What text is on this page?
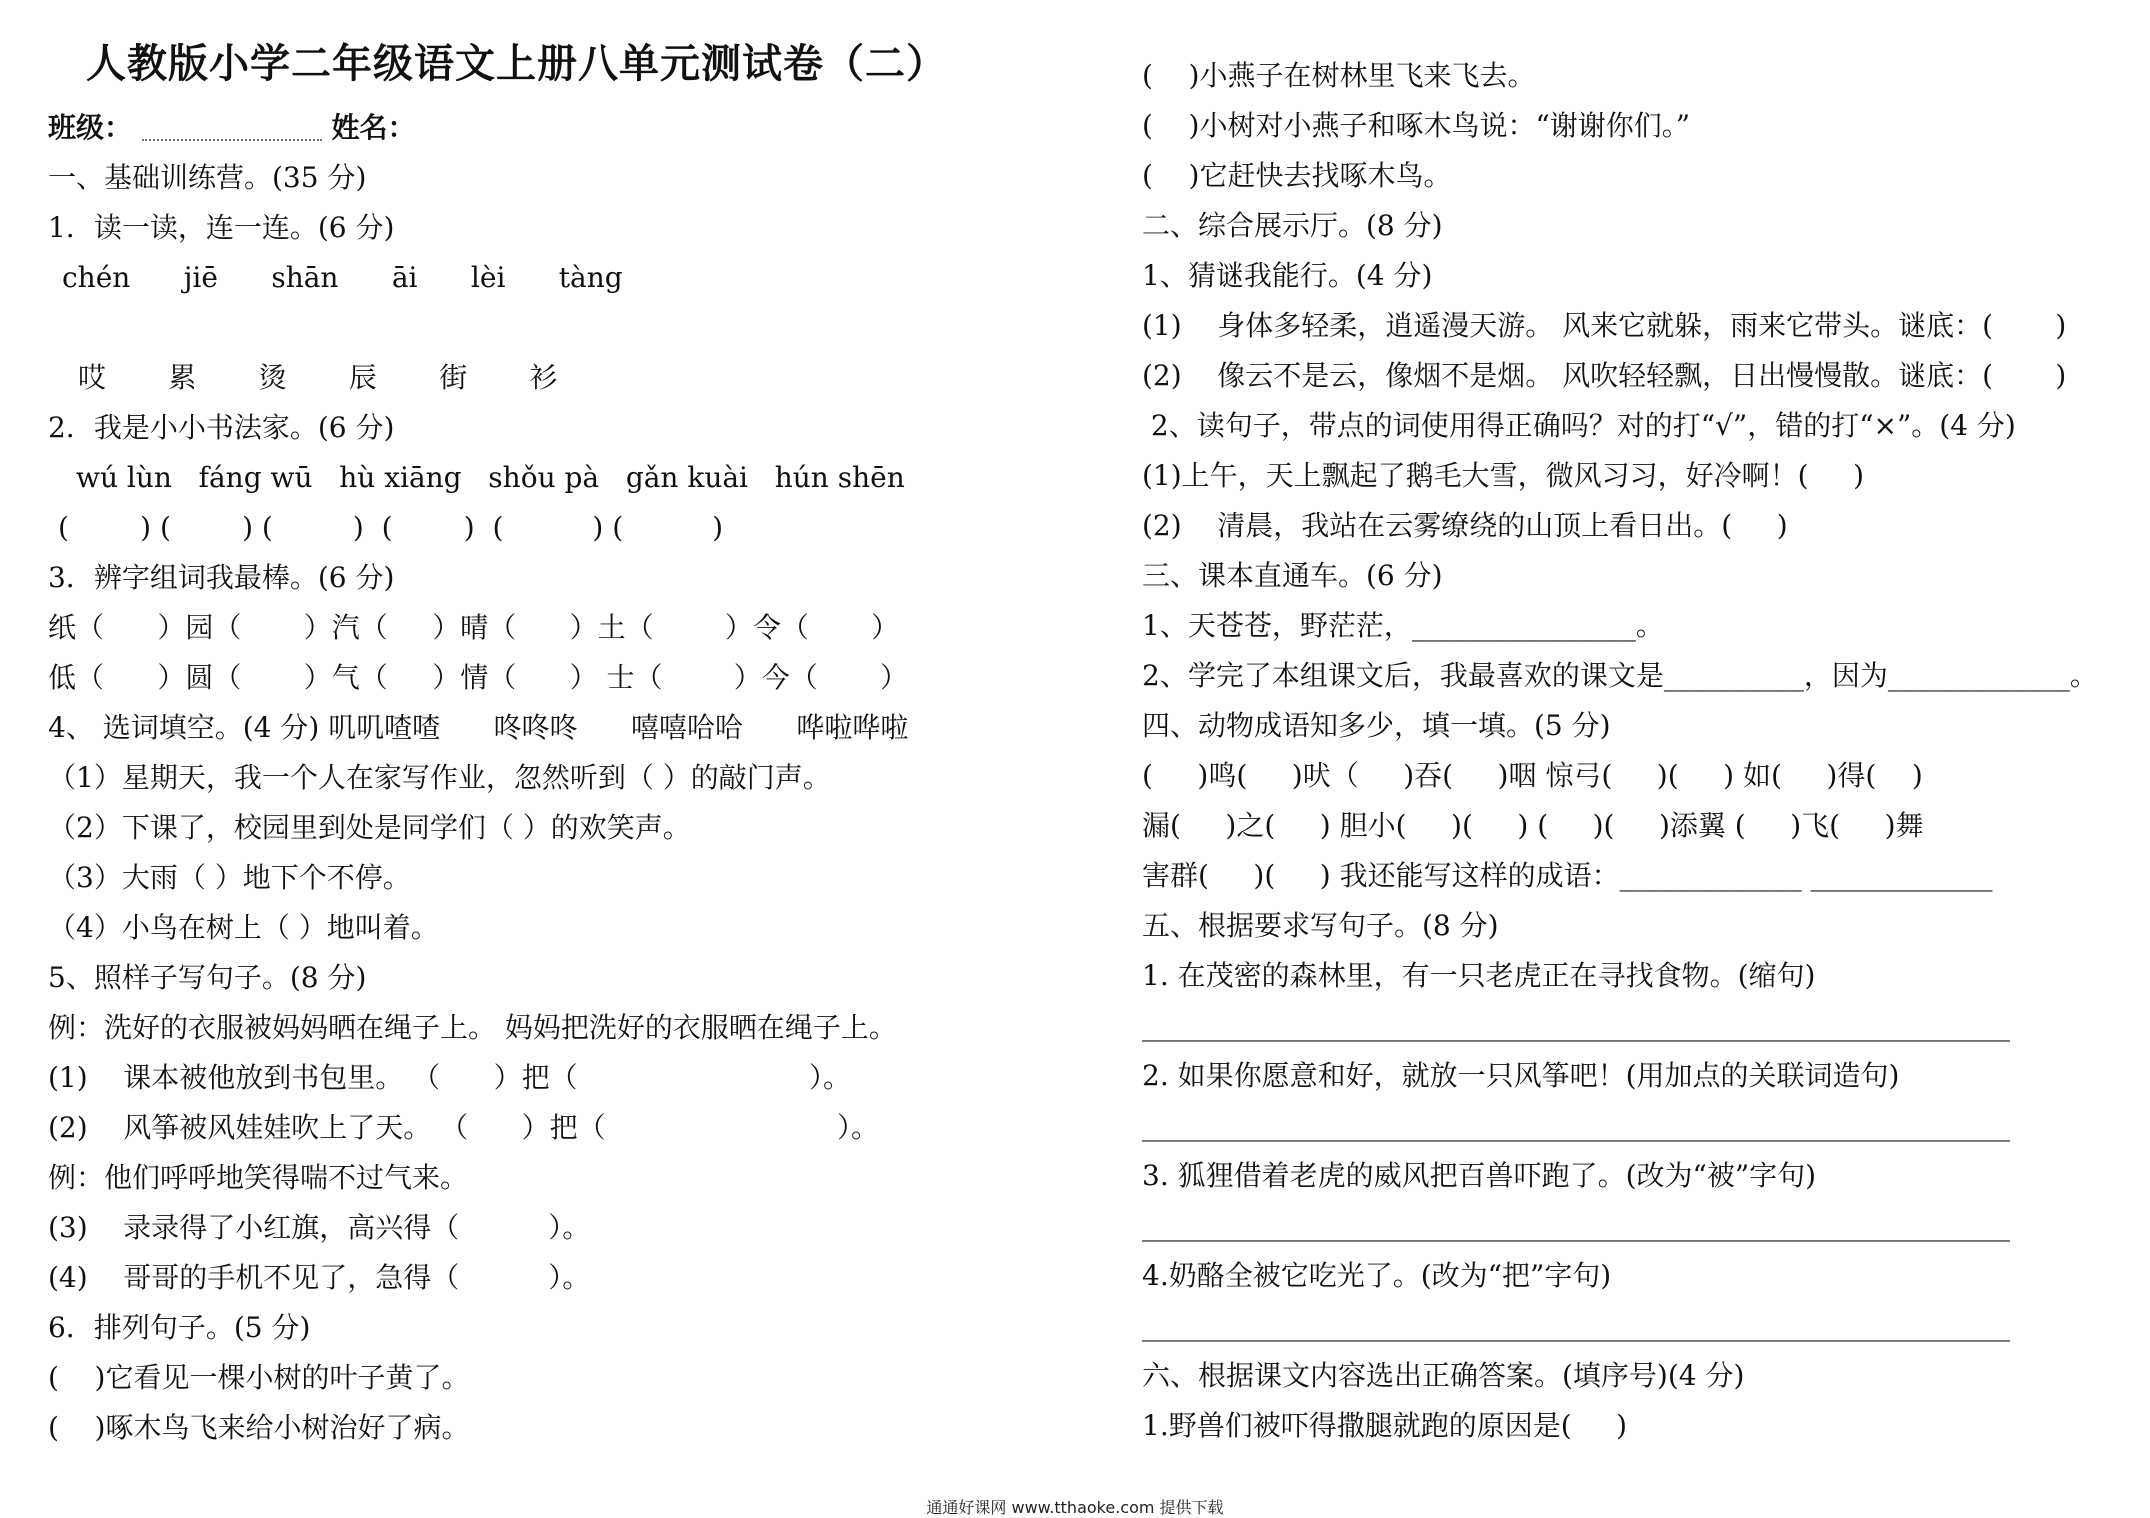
人教版小学二年级语文上册八单元测试卷（二）
班级：	姓名：
一、基础训练营。(35 分)
1．读一读，连一连。(6 分)
chén      jiē      shān      āi      lèi      tàng
哎       累       烫       辰       街       衫
2．我是小小书法家。(6 分)
wú lùn   fáng wū   hù xiāng   shǒu pà   gǎn kuài   hún shēn
(        ) (        ) (         )  (        )  (          ) (          )
3．辨字组词我最棒。(6 分)
纸（      ）园（       ）汽（     ）晴（      ）土（        ）令（       ）
低（      ）圆（       ）气（     ）情（      ） 士（        ）今（       ）
4、 选词填空。(4 分) 叽叽喳喳      咚咚咚      嘻嘻哈哈      哗啦哗啦
（1）星期天，我一个人在家写作业，忽然听到（ ）的敲门声。
（2）下课了，校园里到处是同学们（ ）的欢笑声。
（3）大雨（ ）地下个不停。
（4）小鸟在树上（ ）地叫着。
5、照样子写句子。(8 分)
例：洗好的衣服被妈妈晒在绳子上。 妈妈把洗好的衣服晒在绳子上。
(1)    课本被他放到书包里。 （      ）把（                          ）。
(2)    风筝被风娃娃吹上了天。 （      ）把（                          ）。
例：他们呼呼地笑得喘不过气来。
(3)    录录得了小红旗，高兴得（          ）。
(4)    哥哥的手机不见了，急得（          ）。
6．排列句子。(5 分)
(    )它看见一棵小树的叶子黄了。
(    )啄木鸟飞来给小树治好了病。
(    )小燕子在树林里飞来飞去。
(    )小树对小燕子和啄木鸟说：“谢谢你们。”
(    )它赶快去找啄木鸟。
二、综合展示厅。(8 分)
1、猜谜我能行。(4 分)
(1)    身体多轻柔，逍遥漫天游。 风来它就躲，雨来它带头。谜底：(       )
(2)    像云不是云，像烟不是烟。 风吹轻轻飘，日出慢慢散。谜底：(       )
2、读句子，带点的词使用得正确吗？对的打“√”，错的打“×”。(4 分)
(1)上午，天上飘起了鹅毛大雪，微风习习，好冷啊！(     )
(2)    清晨，我站在云雾缭绕的山顶上看日出。(     )
三、课本直通车。(6 分)
1、天苍苍，野茫茫，________________。
2、学完了本组课文后，我最喜欢的课文是__________，因为_____________。
四、动物成语知多少，填一填。(5 分)
(     )鸣(     )吠（     )吞(     )咽 惊弓(     )(     ) 如(     )得(    )
漏(     )之(     ) 胆小(     )(     ) (     )(     )添翼 (     )飞(     )舞
害群(     )(     ) 我还能写这样的成语：_____________ _____________
五、根据要求写句子。(8 分)
1. 在茂密的森林里，有一只老虎正在寻找食物。(缩句)
______________________________________________________________
2. 如果你愿意和好，就放一只风筝吧！(用加点的关联词造句)
______________________________________________________________
3. 狐狸借着老虎的威风把百兽吓跑了。(改为“被”字句)
______________________________________________________________
4.奶酪全被它吃光了。(改为“把”字句)
______________________________________________________________
六、根据课文内容选出正确答案。(填序号)(4 分)
1.野兽们被吓得撒腿就跑的原因是(     )
通通好课网 www.tthaoke.com 提供下载
